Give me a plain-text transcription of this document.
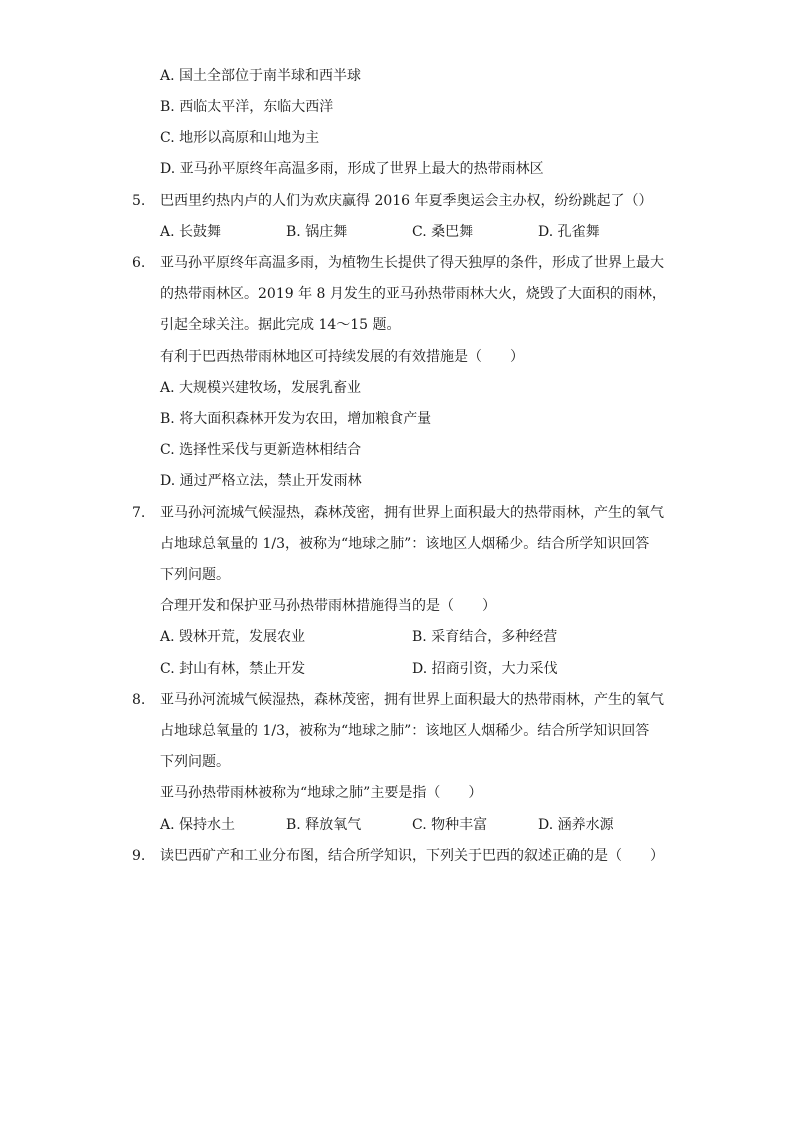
A. 国土全部位于南半球和西半球
B. 西临太平洋，东临大西洋
C. 地形以高原和山地为主
D. 亚马孙平原终年高温多雨，形成了世界上最大的热带雨林区
5. 巴西里约热内卢的人们为欢庆赢得 2016 年夏季奥运会主办权，纷纷跳起了（）
A. 长鼓舞	B. 锅庄舞	C. 桑巴舞	D. 孔雀舞
6. 亚马孙平原终年高温多雨，为植物生长提供了得天独厚的条件，形成了世界上最大
的热带雨林区。2019 年 8 月发生的亚马孙热带雨林大火，烧毁了大面积的雨林，
引起全球关注。据此完成 14～15 题。
有利于巴西热带雨林地区可持续发展的有效措施是（　　）
A. 大规模兴建牧场，发展乳畜业
B. 将大面积森林开发为农田，增加粮食产量
C. 选择性采伐与更新造林相结合
D. 通过严格立法，禁止开发雨林
7. 亚马孙河流城气候湿热，森林茂密，拥有世界上面积最大的热带雨林，产生的氧气
占地球总氧量的 1/3，被称为“地球之肺”：该地区人烟稀少。结合所学知识回答
下列问题。
合理开发和保护亚马孙热带雨林措施得当的是（　　）
A. 毁林开荒，发展农业	B. 采育结合，多种经营
C. 封山有林，禁止开发	D. 招商引资，大力采伐
8. 亚马孙河流城气候湿热，森林茂密，拥有世界上面积最大的热带雨林，产生的氧气
占地球总氧量的 1/3，被称为“地球之肺”：该地区人烟稀少。结合所学知识回答
下列问题。
亚马孙热带雨林被称为“地球之肺”主要是指（　　）
A. 保持水土	B. 释放氧气	C. 物种丰富	D. 涵养水源
9. 读巴西矿产和工业分布图，结合所学知识，下列关于巴西的叙述正确的是（　　）
